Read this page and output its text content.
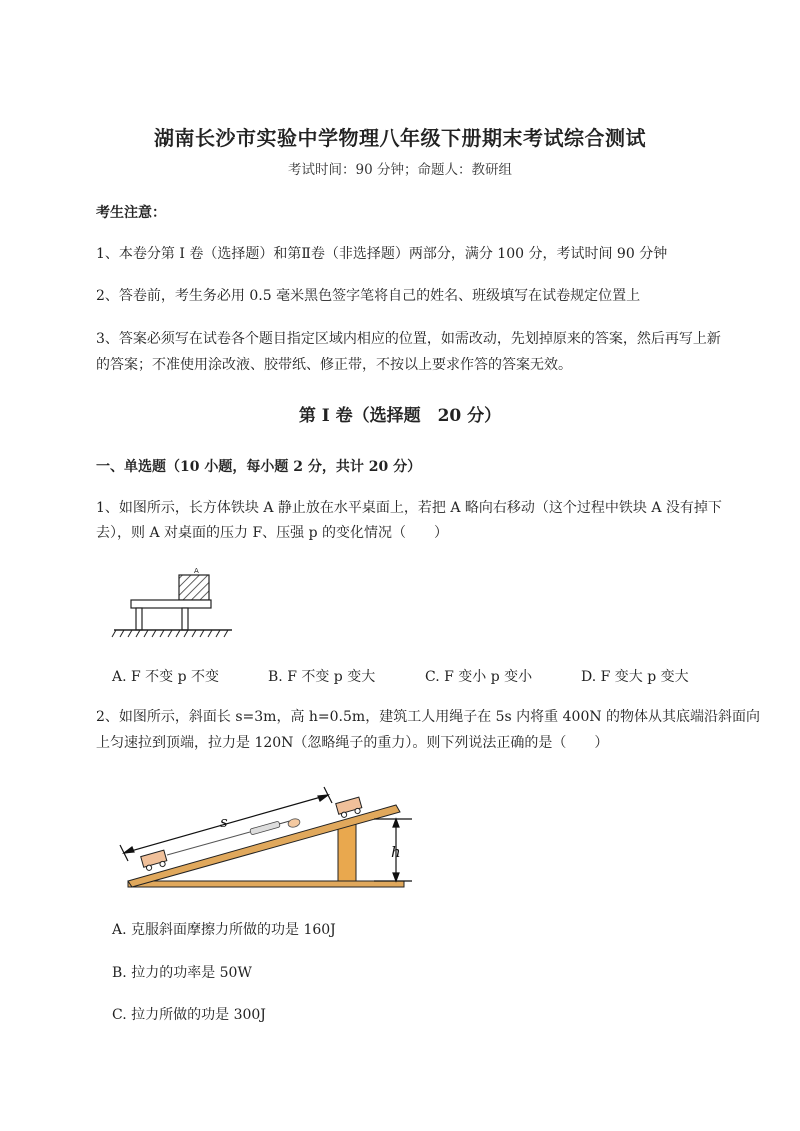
湖南长沙市实验中学物理八年级下册期末考试综合测试
考试时间：90 分钟；命题人：教研组
考生注意：
1、本卷分第 I 卷（选择题）和第Ⅱ卷（非选择题）两部分，满分 100 分，考试时间 90 分钟
2、答卷前，考生务必用 0.5 毫米黑色签字笔将自己的姓名、班级填写在试卷规定位置上
3、答案必须写在试卷各个题目指定区域内相应的位置，如需改动，先划掉原来的答案，然后再写上新
的答案；不准使用涂改液、胶带纸、修正带，不按以上要求作答的答案无效。
第 I 卷（选择题　20 分）
一、单选题（10 小题，每小题 2 分，共计 20 分）
1、如图所示，长方体铁块 A 静止放在水平桌面上，若把 A 略向右移动（这个过程中铁块 A 没有掉下
去），则 A 对桌面的压力 F、压强 p 的变化情况（　　）
A
A. F 不变 p 不变	B. F 不变 p 变大	C. F 变小 p 变小	D. F 变大 p 变大
2、如图所示，斜面长 s=3m，高 h=0.5m，建筑工人用绳子在 5s 内将重 400N 的物体从其底端沿斜面向
上匀速拉到顶端，拉力是 120N（忽略绳子的重力）。则下列说法正确的是（　　）
s
h
A. 克服斜面摩擦力所做的功是 160J
B. 拉力的功率是 50W
C. 拉力所做的功是 300J
